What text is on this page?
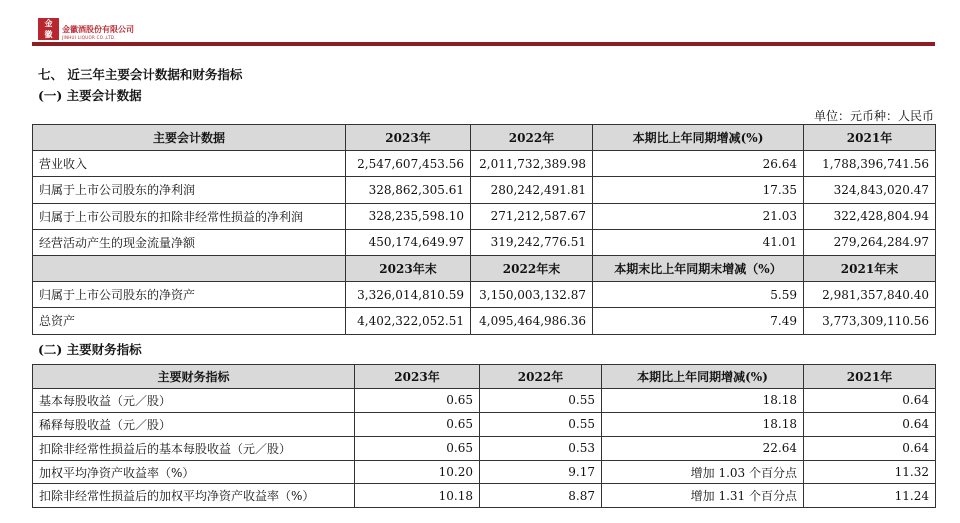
金
徽	金徽酒股份有限公司
JINHUI LIQUOR CO.,LTD.
七、 近三年主要会计数据和财务指标
(一) 主要会计数据
单位：元币种：人民币
主要会计数据	2023年	2022年	本期比上年同期增减(%)	2021年
营业收入	2,547,607,453.56	2,011,732,389.98	26.64	1,788,396,741.56
归属于上市公司股东的净利润	328,862,305.61	280,242,491.81	17.35	324,843,020.47
归属于上市公司股东的扣除非经常性损益的净利润	328,235,598.10	271,212,587.67	21.03	322,428,804.94
经营活动产生的现金流量净额	450,174,649.97	319,242,776.51	41.01	279,264,284.97
	2023年末	2022年末	本期末比上年同期末增减（%）	2021年末
归属于上市公司股东的净资产	3,326,014,810.59	3,150,003,132.87	5.59	2,981,357,840.40
总资产	4,402,322,052.51	4,095,464,986.36	7.49	3,773,309,110.56
(二) 主要财务指标
主要财务指标	2023年	2022年	本期比上年同期增减(%)	2021年
基本每股收益（元／股）	0.65	0.55	18.18	0.64
稀释每股收益（元／股）	0.65	0.55	18.18	0.64
扣除非经常性损益后的基本每股收益（元／股）	0.65	0.53	22.64	0.64
加权平均净资产收益率（%）	10.20	9.17	增加 1.03 个百分点	11.32
扣除非经常性损益后的加权平均净资产收益率（%）	10.18	8.87	增加 1.31 个百分点	11.24
